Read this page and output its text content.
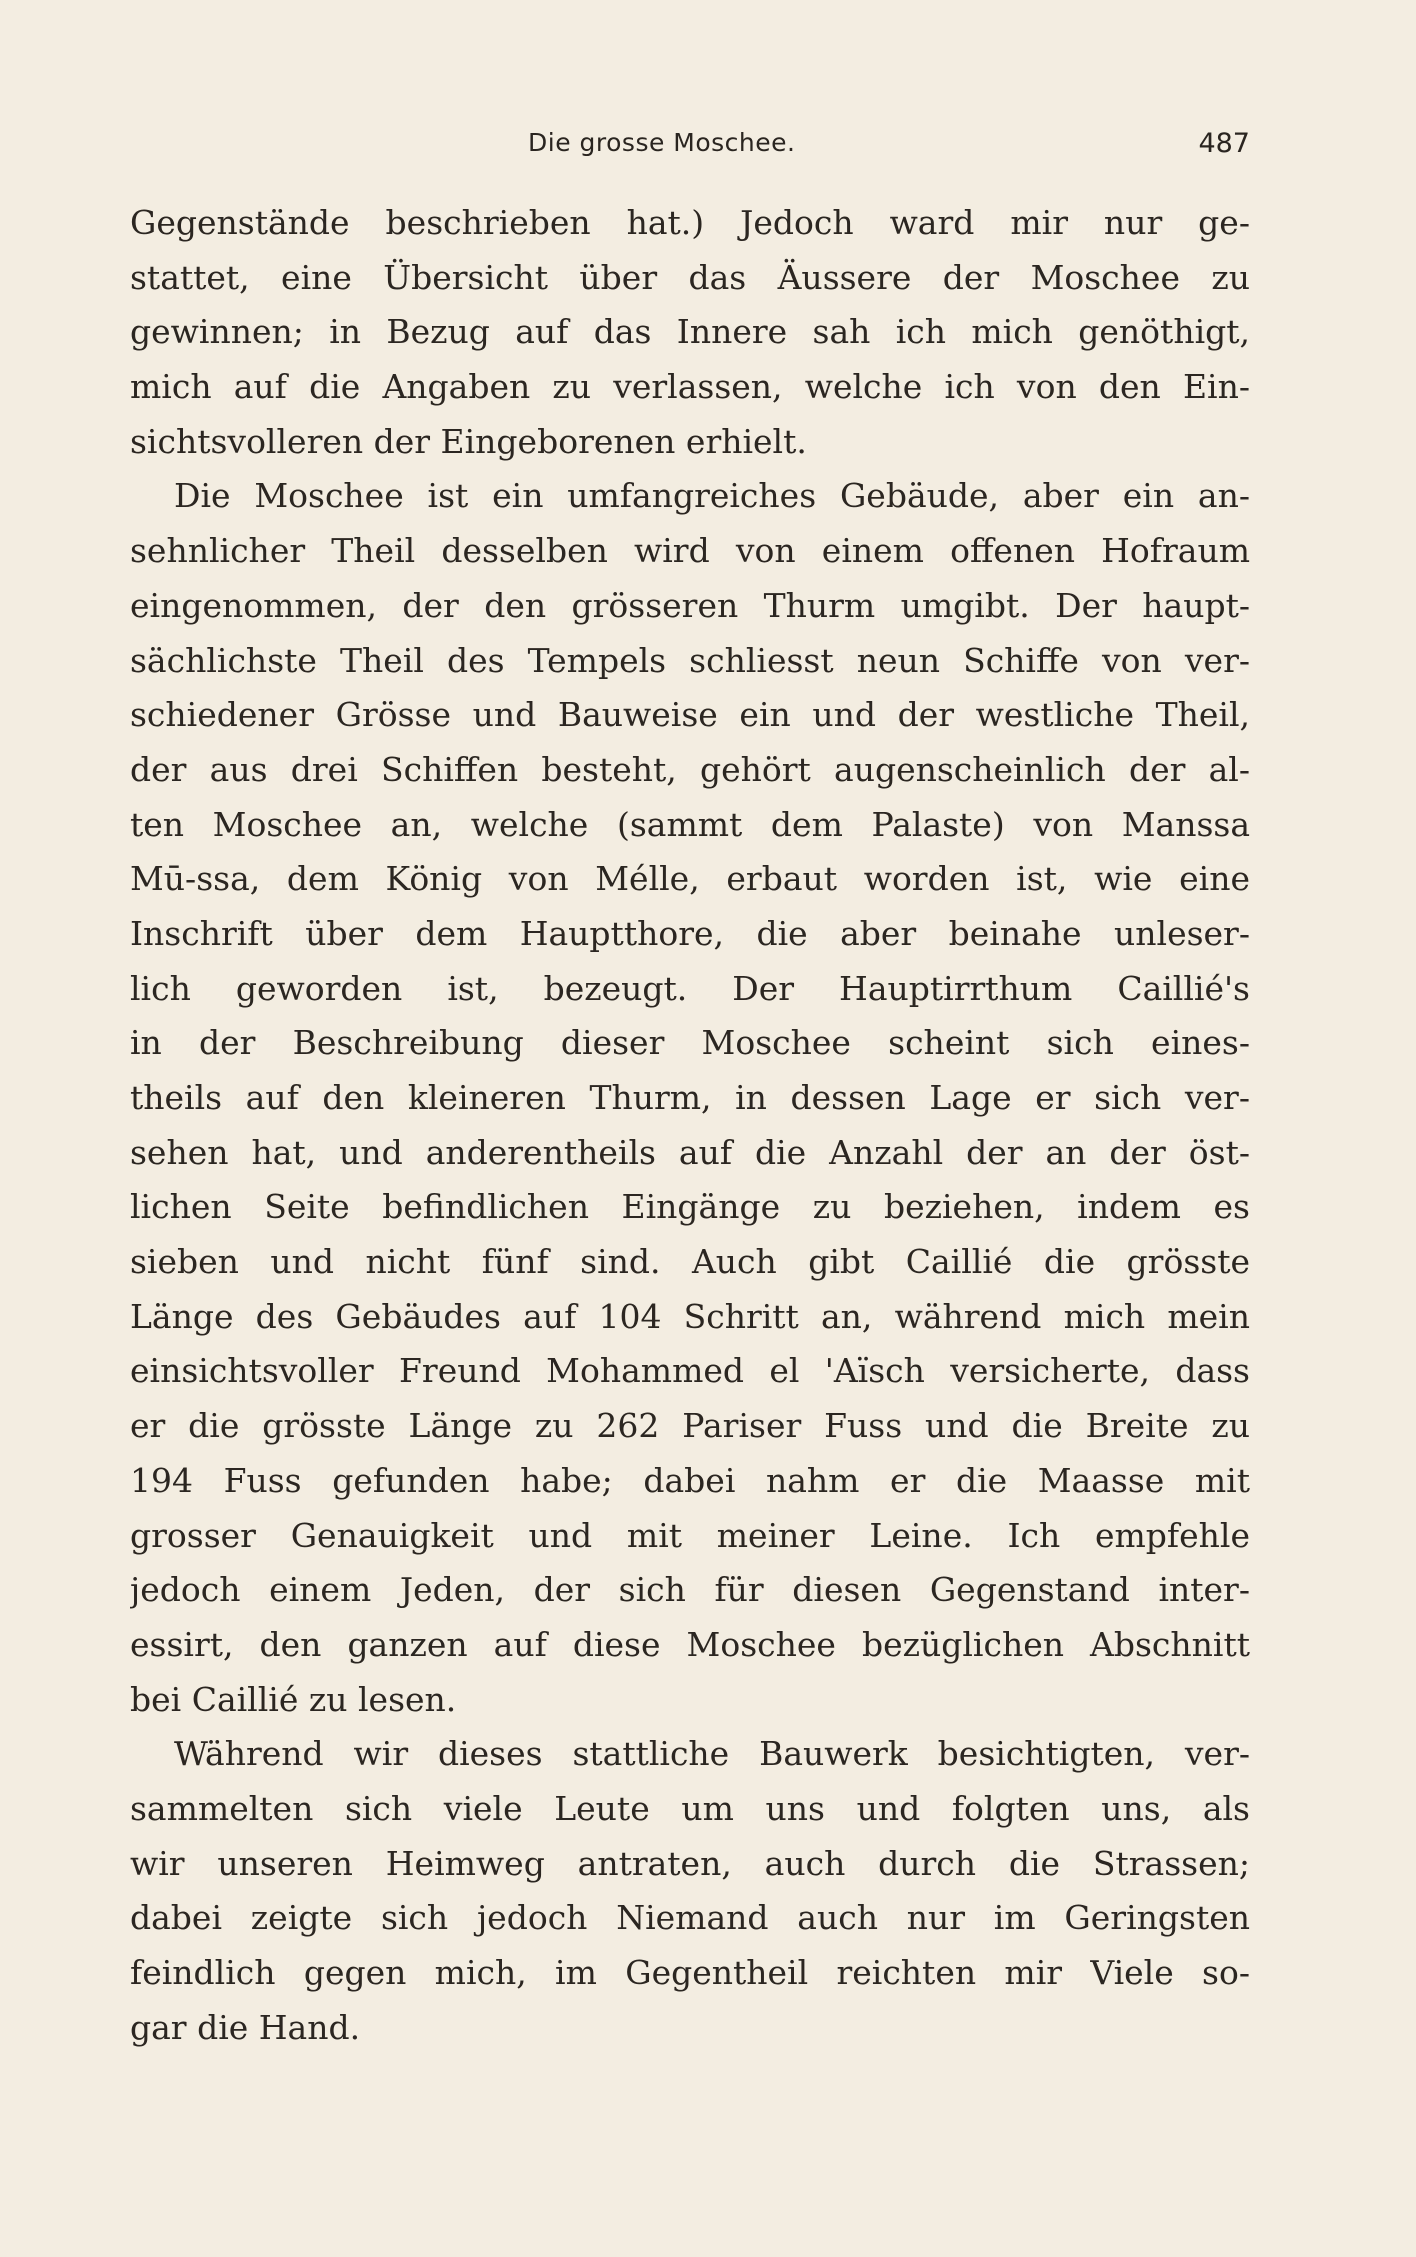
Die grosse Moschee.	487
Gegenstände beschrieben hat.) Jedoch ward mir nur ge-
stattet, eine Übersicht über das Äussere der Moschee zu
gewinnen; in Bezug auf das Innere sah ich mich genöthigt,
mich auf die Angaben zu verlassen, welche ich von den Ein-
sichtsvolleren der Eingeborenen erhielt.
Die Moschee ist ein umfangreiches Gebäude, aber ein an-
sehnlicher Theil desselben wird von einem offenen Hofraum
eingenommen, der den grösseren Thurm umgibt. Der haupt-
sächlichste Theil des Tempels schliesst neun Schiffe von ver-
schiedener Grösse und Bauweise ein und der westliche Theil,
der aus drei Schiffen besteht, gehört augenscheinlich der al-
ten Moschee an, welche (sammt dem Palaste) von Manssa
Mū-ssa, dem König von Mélle, erbaut worden ist, wie eine
Inschrift über dem Hauptthore, die aber beinahe unleser-
lich geworden ist, bezeugt. Der Hauptirrthum Caillié's
in der Beschreibung dieser Moschee scheint sich eines-
theils auf den kleineren Thurm, in dessen Lage er sich ver-
sehen hat, und anderentheils auf die Anzahl der an der öst-
lichen Seite befindlichen Eingänge zu beziehen, indem es
sieben und nicht fünf sind. Auch gibt Caillié die grösste
Länge des Gebäudes auf 104 Schritt an, während mich mein
einsichtsvoller Freund Mohammed el 'Aïsch versicherte, dass
er die grösste Länge zu 262 Pariser Fuss und die Breite zu
194 Fuss gefunden habe; dabei nahm er die Maasse mit
grosser Genauigkeit und mit meiner Leine. Ich empfehle
jedoch einem Jeden, der sich für diesen Gegenstand inter-
essirt, den ganzen auf diese Moschee bezüglichen Abschnitt
bei Caillié zu lesen.
Während wir dieses stattliche Bauwerk besichtigten, ver-
sammelten sich viele Leute um uns und folgten uns, als
wir unseren Heimweg antraten, auch durch die Strassen;
dabei zeigte sich jedoch Niemand auch nur im Geringsten
feindlich gegen mich, im Gegentheil reichten mir Viele so-
gar die Hand.
